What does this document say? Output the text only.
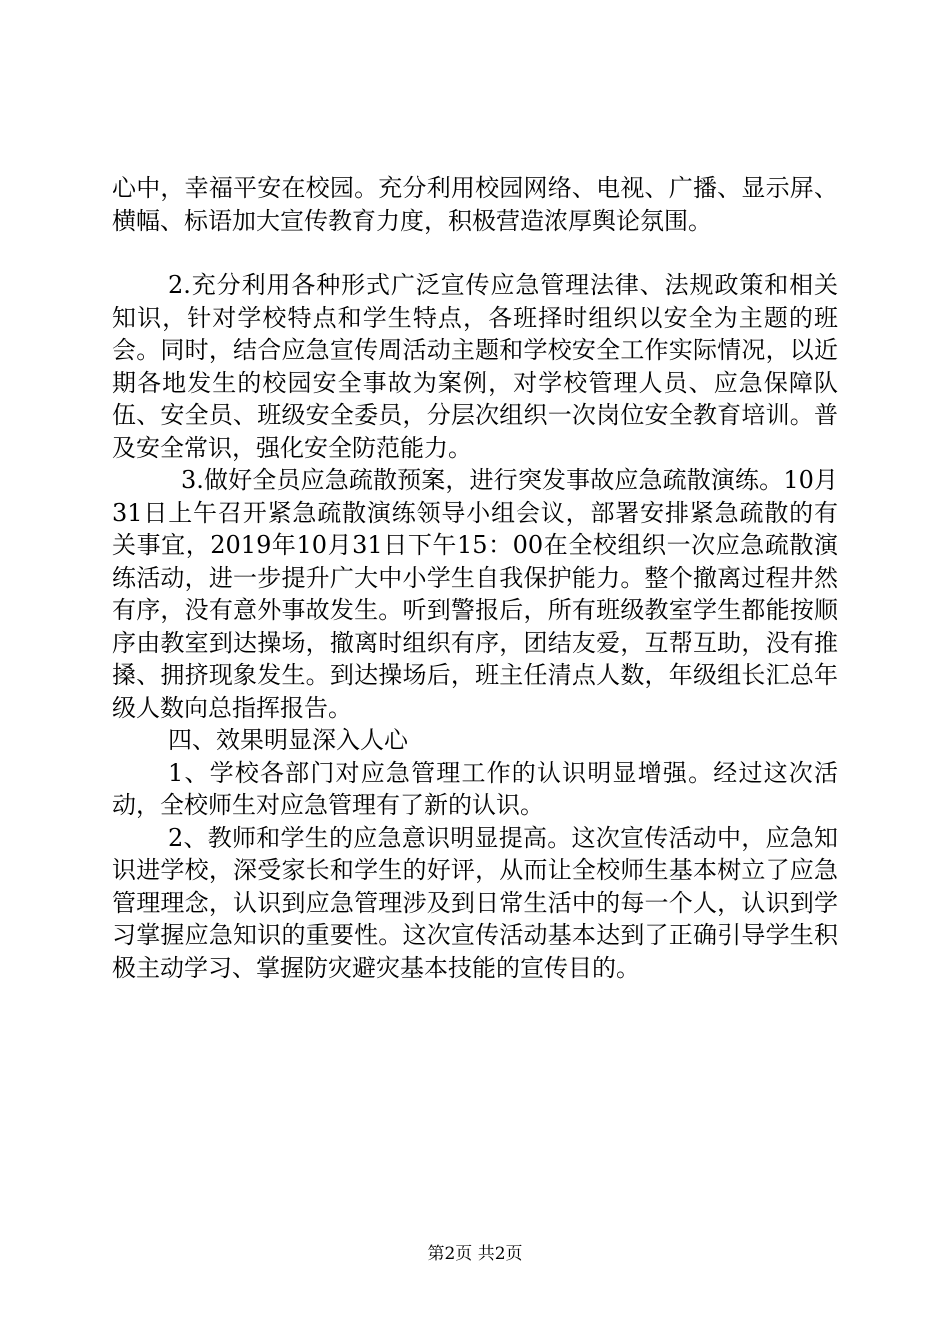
心中，幸福平安在校园。充分利用校园网络、电视、广播、显示屏、横幅、标语加大宣传教育力度，积极营造浓厚舆论氛围。

2.充分利用各种形式广泛宣传应急管理法律、法规政策和相关知识，针对学校特点和学生特点，各班择时组织以安全为主题的班会。同时，结合应急宣传周活动主题和学校安全工作实际情况，以近期各地发生的校园安全事故为案例，对学校管理人员、应急保障队伍、安全员、班级安全委员，分层次组织一次岗位安全教育培训。普及安全常识，强化安全防范能力。

3.做好全员应急疏散预案，进行突发事故应急疏散演练。10月31日上午召开紧急疏散演练领导小组会议，部署安排紧急疏散的有关事宜，2019年10月31日下午15：00在全校组织一次应急疏散演练活动，进一步提升广大中小学生自我保护能力。整个撤离过程井然有序，没有意外事故发生。听到警报后，所有班级教室学生都能按顺序由教室到达操场，撤离时组织有序，团结友爱，互帮互助，没有推搡、拥挤现象发生。到达操场后，班主任清点人数，年级组长汇总年级人数向总指挥报告。

四、效果明显深入人心

1、学校各部门对应急管理工作的认识明显增强。经过这次活动，全校师生对应急管理有了新的认识。

2、教师和学生的应急意识明显提高。这次宣传活动中，应急知识进学校，深受家长和学生的好评，从而让全校师生基本树立了应急管理理念，认识到应急管理涉及到日常生活中的每一个人，认识到学习掌握应急知识的重要性。这次宣传活动基本达到了正确引导学生积极主动学习、掌握防灾避灾基本技能的宣传目的。

第2页 共2页
